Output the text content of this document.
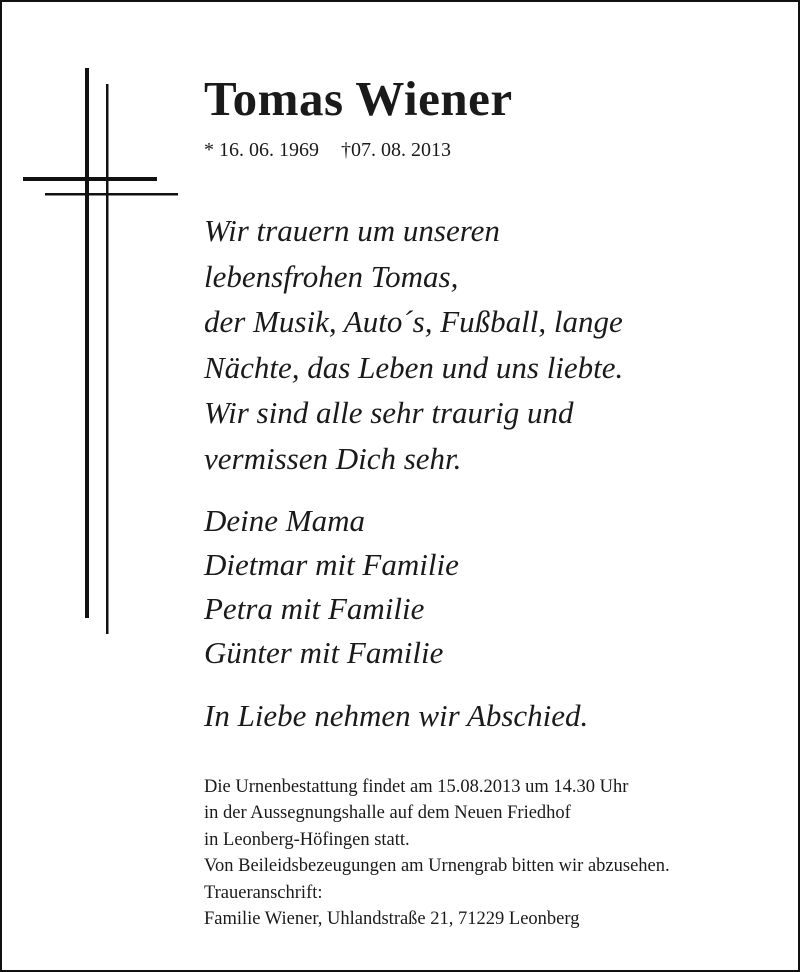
Tomas Wiener
* 16. 06. 1969 †07. 08. 2013
Wir trauern um unseren
lebensfrohen Tomas,
der Musik, Auto´s, Fußball, lange
Nächte, das Leben und uns liebte.
Wir sind alle sehr traurig und
vermissen Dich sehr.
Deine Mama
Dietmar mit Familie
Petra mit Familie
Günter mit Familie
In Liebe nehmen wir Abschied.
Die Urnenbestattung findet am 15.08.2013 um 14.30 Uhr
in der Aussegnungshalle auf dem Neuen Friedhof
in Leonberg-Höfingen statt.
Von Beileidsbezeugungen am Urnengrab bitten wir abzusehen.
Traueranschrift:
Familie Wiener, Uhlandstraße 21, 71229 Leonberg
